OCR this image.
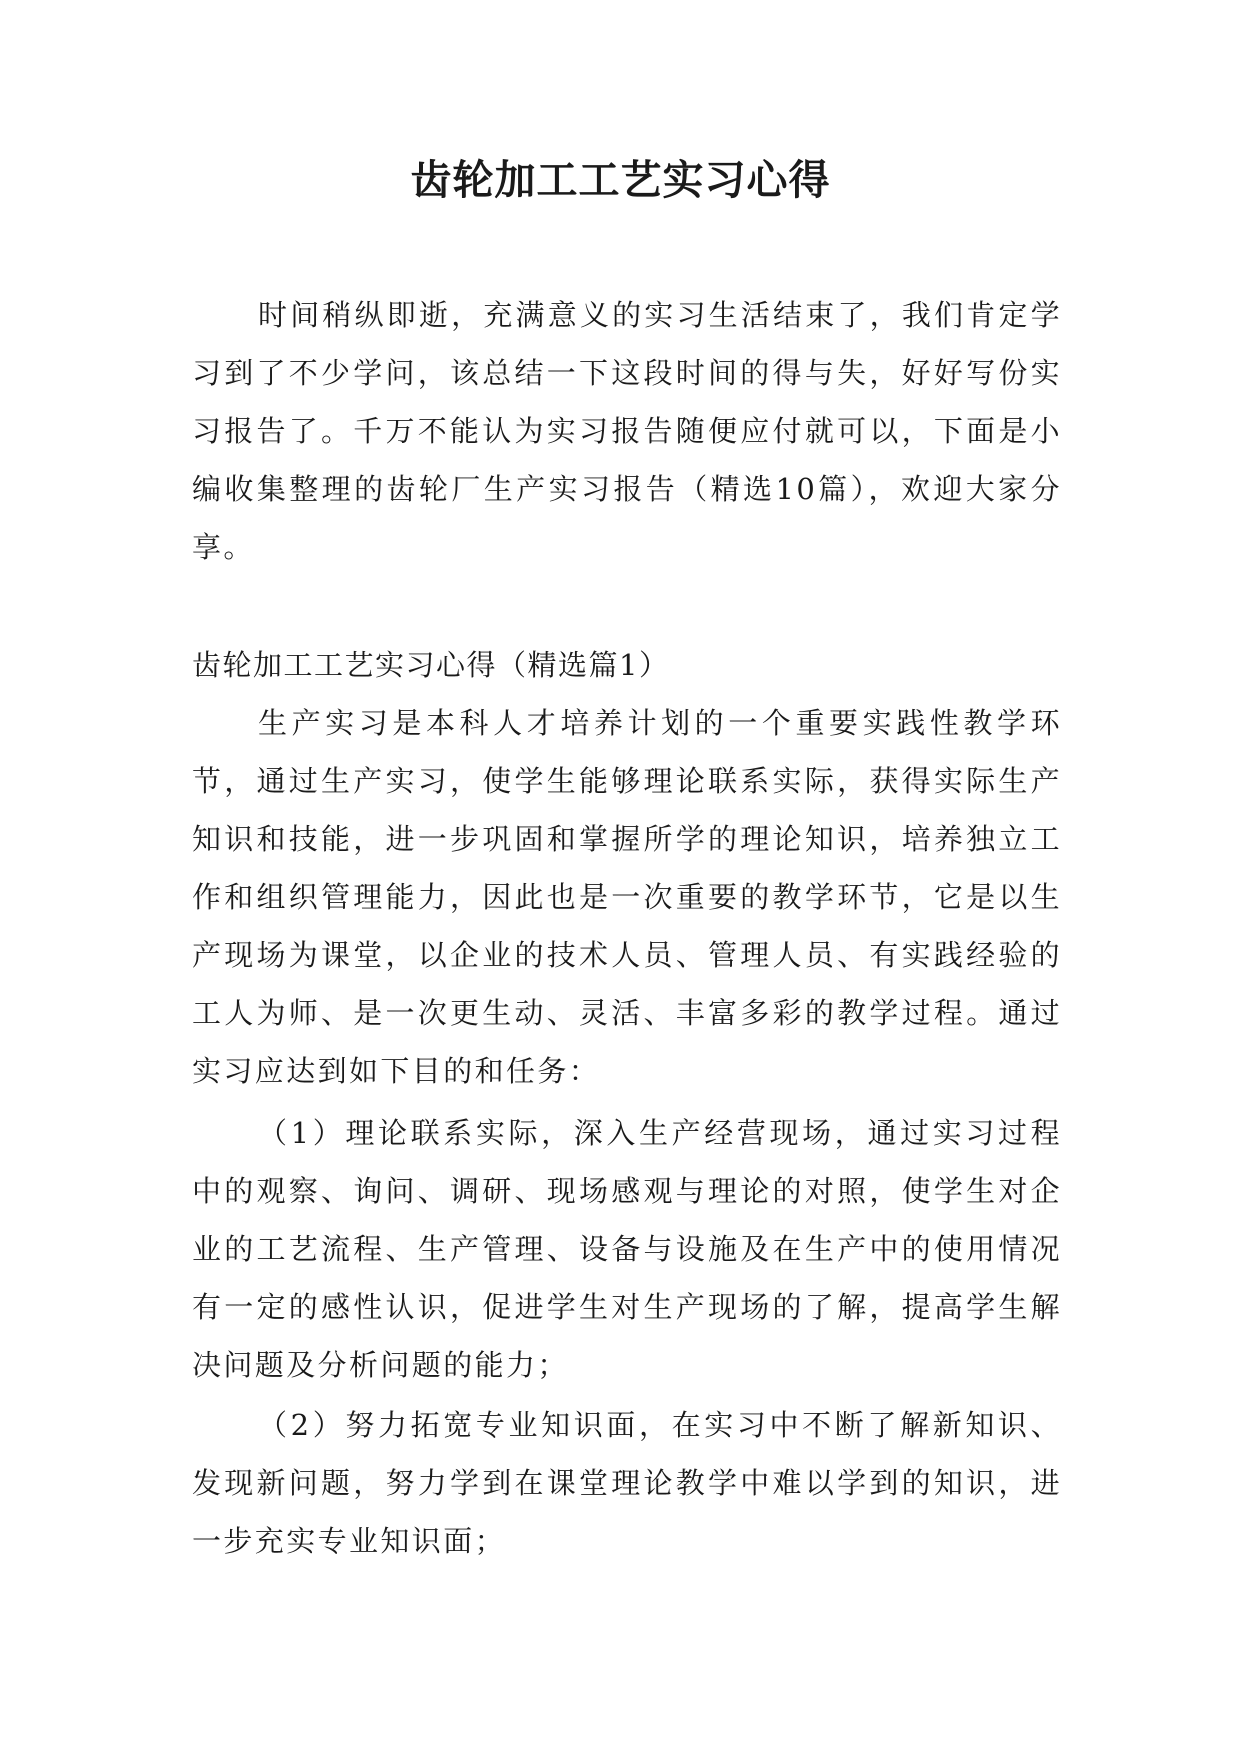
齿轮加工工艺实习心得

时间稍纵即逝，充满意义的实习生活结束了，我们肯定学习到了不少学问，该总结一下这段时间的得与失，好好写份实习报告了。千万不能认为实习报告随便应付就可以，下面是小编收集整理的齿轮厂生产实习报告（精选10篇），欢迎大家分享。

齿轮加工工艺实习心得（精选篇1）

生产实习是本科人才培养计划的一个重要实践性教学环节，通过生产实习，使学生能够理论联系实际，获得实际生产知识和技能，进一步巩固和掌握所学的理论知识，培养独立工作和组织管理能力，因此也是一次重要的教学环节，它是以生产现场为课堂，以企业的技术人员、管理人员、有实践经验的工人为师、是一次更生动、灵活、丰富多彩的教学过程。通过实习应达到如下目的和任务：

（1）理论联系实际，深入生产经营现场，通过实习过程中的观察、询问、调研、现场感观与理论的对照，使学生对企业的工艺流程、生产管理、设备与设施及在生产中的使用情况有一定的感性认识，促进学生对生产现场的了解，提高学生解决问题及分析问题的能力；

（2）努力拓宽专业知识面，在实习中不断了解新知识、发现新问题，努力学到在课堂理论教学中难以学到的知识，进一步充实专业知识面；
